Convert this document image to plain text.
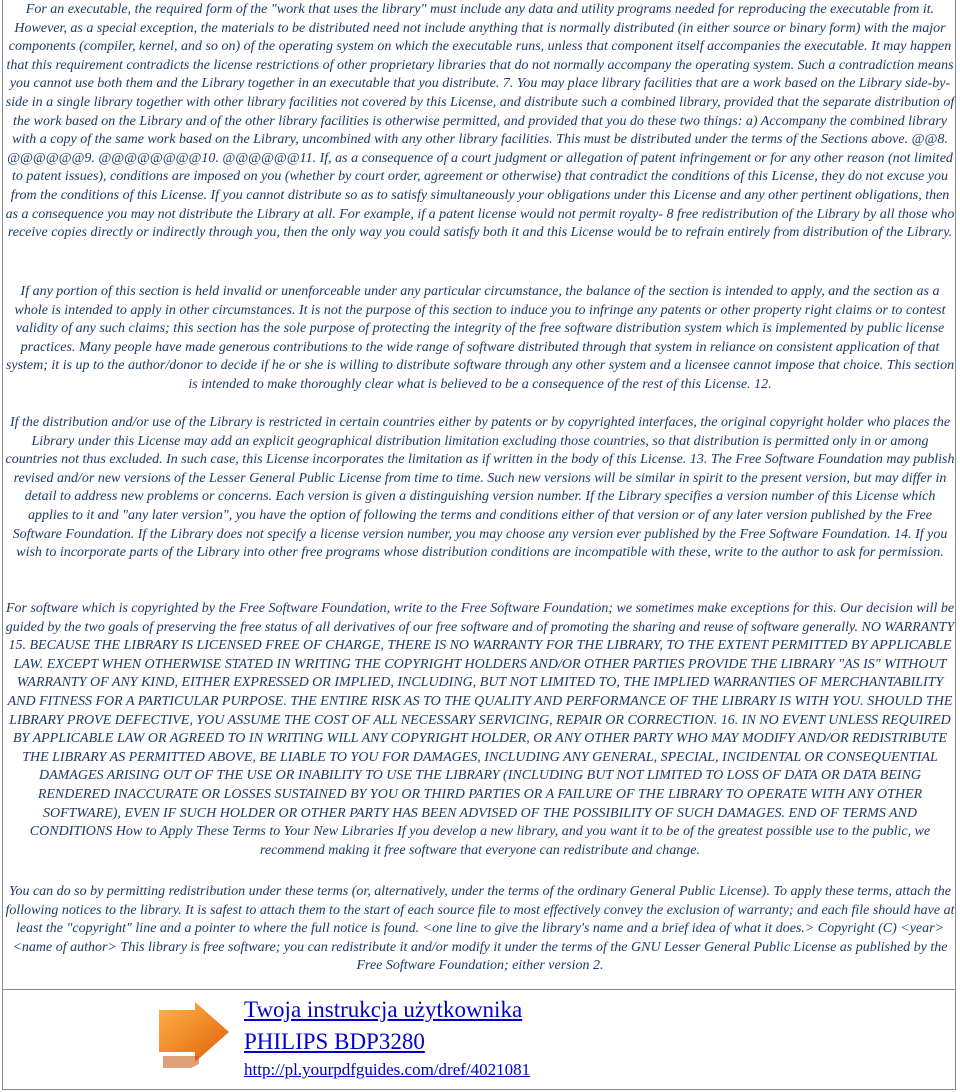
For an executable, the required form of the "work that uses the library" must include any data and utility programs needed for reproducing the executable from it. However, as a special exception, the materials to be distributed need not include anything that is normally distributed (in either source or binary form) with the major components (compiler, kernel, and so on) of the operating system on which the executable runs, unless that component itself accompanies the executable. It may happen that this requirement contradicts the license restrictions of other proprietary libraries that do not normally accompany the operating system. Such a contradiction means you cannot use both them and the Library together in an executable that you distribute. 7. You may place library facilities that are a work based on the Library side-by-side in a single library together with other library facilities not covered by this License, and distribute such a combined library, provided that the separate distribution of the work based on the Library and of the other library facilities is otherwise permitted, and provided that you do these two things: a) Accompany the combined library with a copy of the same work based on the Library, uncombined with any other library facilities. This must be distributed under the terms of the Sections above. @@8. @@@@@@9. @@@@@@@@10. @@@@@@11. If, as a consequence of a court judgment or allegation of patent infringement or for any other reason (not limited to patent issues), conditions are imposed on you (whether by court order, agreement or otherwise) that contradict the conditions of this License, they do not excuse you from the conditions of this License. If you cannot distribute so as to satisfy simultaneously your obligations under this License and any other pertinent obligations, then as a consequence you may not distribute the Library at all. For example, if a patent license would not permit royalty- 8 free redistribution of the Library by all those who receive copies directly or indirectly through you, then the only way you could satisfy both it and this License would be to refrain entirely from distribution of the Library.

If any portion of this section is held invalid or unenforceable under any particular circumstance, the balance of the section is intended to apply, and the section as a whole is intended to apply in other circumstances. It is not the purpose of this section to induce you to infringe any patents or other property right claims or to contest validity of any such claims; this section has the sole purpose of protecting the integrity of the free software distribution system which is implemented by public license practices. Many people have made generous contributions to the wide range of software distributed through that system in reliance on consistent application of that system; it is up to the author/donor to decide if he or she is willing to distribute software through any other system and a licensee cannot impose that choice. This section is intended to make thoroughly clear what is believed to be a consequence of the rest of this License. 12.

If the distribution and/or use of the Library is restricted in certain countries either by patents or by copyrighted interfaces, the original copyright holder who places the Library under this License may add an explicit geographical distribution limitation excluding those countries, so that distribution is permitted only in or among countries not thus excluded. In such case, this License incorporates the limitation as if written in the body of this License. 13. The Free Software Foundation may publish revised and/or new versions of the Lesser General Public License from time to time. Such new versions will be similar in spirit to the present version, but may differ in detail to address new problems or concerns. Each version is given a distinguishing version number. If the Library specifies a version number of this License which applies to it and "any later version", you have the option of following the terms and conditions either of that version or of any later version published by the Free Software Foundation. If the Library does not specify a license version number, you may choose any version ever published by the Free Software Foundation. 14. If you wish to incorporate parts of the Library into other free programs whose distribution conditions are incompatible with these, write to the author to ask for permission.

For software which is copyrighted by the Free Software Foundation, write to the Free Software Foundation; we sometimes make exceptions for this. Our decision will be guided by the two goals of preserving the free status of all derivatives of our free software and of promoting the sharing and reuse of software generally. NO WARRANTY 15. BECAUSE THE LIBRARY IS LICENSED FREE OF CHARGE, THERE IS NO WARRANTY FOR THE LIBRARY, TO THE EXTENT PERMITTED BY APPLICABLE LAW. EXCEPT WHEN OTHERWISE STATED IN WRITING THE COPYRIGHT HOLDERS AND/OR OTHER PARTIES PROVIDE THE LIBRARY "AS IS" WITHOUT WARRANTY OF ANY KIND, EITHER EXPRESSED OR IMPLIED, INCLUDING, BUT NOT LIMITED TO, THE IMPLIED WARRANTIES OF MERCHANTABILITY AND FITNESS FOR A PARTICULAR PURPOSE. THE ENTIRE RISK AS TO THE QUALITY AND PERFORMANCE OF THE LIBRARY IS WITH YOU. SHOULD THE LIBRARY PROVE DEFECTIVE, YOU ASSUME THE COST OF ALL NECESSARY SERVICING, REPAIR OR CORRECTION. 16. IN NO EVENT UNLESS REQUIRED BY APPLICABLE LAW OR AGREED TO IN WRITING WILL ANY COPYRIGHT HOLDER, OR ANY OTHER PARTY WHO MAY MODIFY AND/OR REDISTRIBUTE THE LIBRARY AS PERMITTED ABOVE, BE LIABLE TO YOU FOR DAMAGES, INCLUDING ANY GENERAL, SPECIAL, INCIDENTAL OR CONSEQUENTIAL DAMAGES ARISING OUT OF THE USE OR INABILITY TO USE THE LIBRARY (INCLUDING BUT NOT LIMITED TO LOSS OF DATA OR DATA BEING RENDERED INACCURATE OR LOSSES SUSTAINED BY YOU OR THIRD PARTIES OR A FAILURE OF THE LIBRARY TO OPERATE WITH ANY OTHER SOFTWARE), EVEN IF SUCH HOLDER OR OTHER PARTY HAS BEEN ADVISED OF THE POSSIBILITY OF SUCH DAMAGES. END OF TERMS AND CONDITIONS How to Apply These Terms to Your New Libraries If you develop a new library, and you want it to be of the greatest possible use to the public, we recommend making it free software that everyone can redistribute and change.

You can do so by permitting redistribution under these terms (or, alternatively, under the terms of the ordinary General Public License). To apply these terms, attach the following notices to the library. It is safest to attach them to the start of each source file to most effectively convey the exclusion of warranty; and each file should have at least the "copyright" line and a pointer to where the full notice is found. <one line to give the library's name and a brief idea of what it does.> Copyright (C) <year> <name of author> This library is free software; you can redistribute it and/or modify it under the terms of the GNU Lesser General Public License as published by the Free Software Foundation; either version 2.

Twoja instrukcja użytkownika
PHILIPS BDP3280
http://pl.yourpdfguides.com/dref/4021081
